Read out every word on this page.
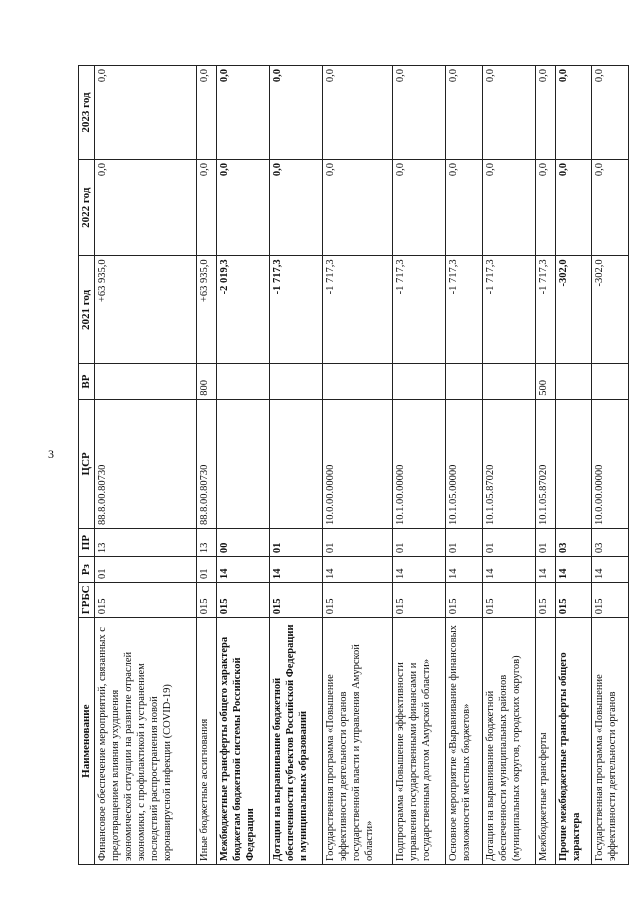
3
Наименование	ГРБС	Рз	ПР	ЦСР	ВР	2021 год	2022 год	2023 год
Финансовое обеспечение мероприятий, связанных с предотвращением влияния ухудшения экономической ситуации на развитие отраслей экономики, с профилактикой и устранением последствий распространения новой коронавирусной инфекции (COVID-19)	015	01	13	88.8.00.80730		+63 935,0	0,0	0,0
Иные бюджетные ассигнования	015	01	13	88.8.00.80730	800	+63 935,0	0,0	0,0
Межбюджетные трансферты общего характера бюджетам бюджетной системы Российской Федерации	015	14	00			-2 019,3	0,0	0,0
Дотации на выравнивание бюджетной обеспеченности субъектов Российской Федерации и муниципальных образований	015	14	01			-1 717,3	0,0	0,0
Государственная программа «Повышение эффективности деятельности органов государственной власти и управления Амурской области»	015	14	01	10.0.00.00000		-1 717,3	0,0	0,0
Подпрограмма «Повышение эффективности управления государственными финансами и государственным долгом Амурской области»	015	14	01	10.1.00.00000		-1 717,3	0,0	0,0
Основное мероприятие «Выравнивание финансовых возможностей местных бюджетов»	015	14	01	10.1.05.00000		-1 717,3	0,0	0,0
Дотация на выравнивание бюджетной обеспеченности муниципальных районов (муниципальных округов, городских округов)	015	14	01	10.1.05.87020		-1 717,3	0,0	0,0
Межбюджетные трансферты	015	14	01	10.1.05.87020	500	-1 717,3	0,0	0,0
Прочие межбюджетные трансферты общего характера	015	14	03			-302,0	0,0	0,0
Государственная программа «Повышение эффективности деятельности органов	015	14	03	10.0.00.00000		-302,0	0,0	0,0
